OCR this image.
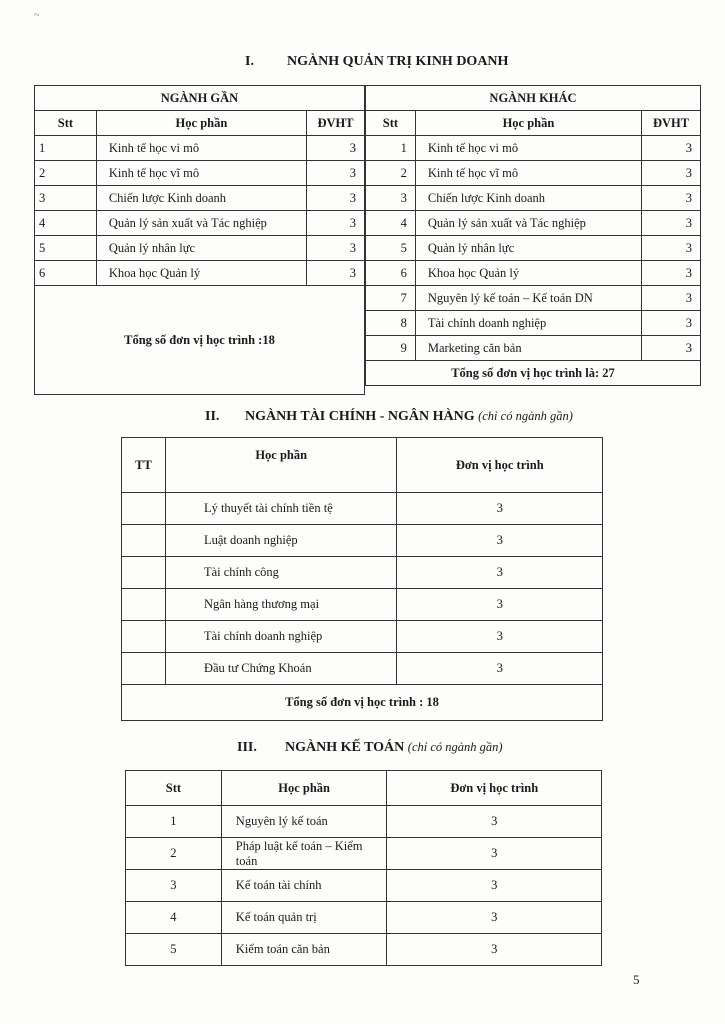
~
I. NGÀNH QUẢN TRỊ KINH DOANH
NGÀNH GẦN		
Stt	Học phần	ĐVHT
1	Kinh tế học vi mô	3
2	Kinh tế học vĩ mô	3
3	Chiến lược Kinh doanh	3
4	Quản lý sản xuất và Tác nghiệp	3
5	Quản lý nhân lực	3
6	Khoa học Quản lý	3
Tổng số đơn vị học trình :18		
NGÀNH KHÁC		
Stt	Học phần	ĐVHT
1	Kinh tế học vi mô	3
2	Kinh tế học vĩ mô	3
3	Chiến lược Kinh doanh	3
4	Quản lý sản xuất và Tác nghiệp	3
5	Quản lý nhân lực	3
6	Khoa học Quản lý	3
7	Nguyên lý kế toán – Kế toán DN	3
8	Tài chính doanh nghiệp	3
9	Marketing căn bản	3
Tổng số đơn vị học trình là: 27		
II. NGÀNH TÀI CHÍNH - NGÂN HÀNG (chỉ có ngành gần)
TT	Học phần	Đơn vị học trình
	Lý thuyết tài chính tiền tệ	3
	Luật doanh nghiệp	3
	Tài chính công	3
	Ngân hàng thương mại	3
	Tài chính doanh nghiệp	3
	Đầu tư Chứng Khoán	3
Tổng số đơn vị học trình : 18		
III. NGÀNH KẾ TOÁN (chỉ có ngành gần)
Stt	Học phần	Đơn vị học trình
1	Nguyên lý kế toán	3
2	Pháp luật kế toán – Kiểm toán	3
3	Kế toán tài chính	3
4	Kế toán quản trị	3
5	Kiểm toán căn bản	3
5
